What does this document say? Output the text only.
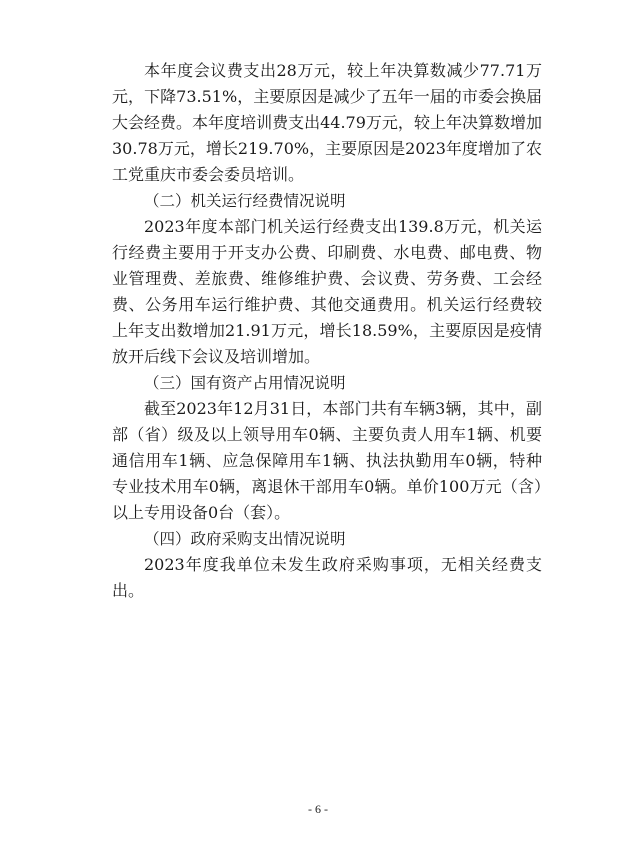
本年度会议费支出28万元，较上年决算数减少77.71万元，下降73.51%，主要原因是减少了五年一届的市委会换届大会经费。本年度培训费支出44.79万元，较上年决算数增加30.78万元，增长219.70%，主要原因是2023年度增加了农工党重庆市委会委员培训。

（二）机关运行经费情况说明

2023年度本部门机关运行经费支出139.8万元，机关运行经费主要用于开支办公费、印刷费、水电费、邮电费、物业管理费、差旅费、维修维护费、会议费、劳务费、工会经费、公务用车运行维护费、其他交通费用。机关运行经费较上年支出数增加21.91万元，增长18.59%，主要原因是疫情放开后线下会议及培训增加。

（三）国有资产占用情况说明

截至2023年12月31日，本部门共有车辆3辆，其中，副部（省）级及以上领导用车0辆、主要负责人用车1辆、机要通信用车1辆、应急保障用车1辆、执法执勤用车0辆，特种专业技术用车0辆，离退休干部用车0辆。单价100万元（含）以上专用设备0台（套）。

（四）政府采购支出情况说明

2023年度我单位未发生政府采购事项，无相关经费支出。

- 6 -
